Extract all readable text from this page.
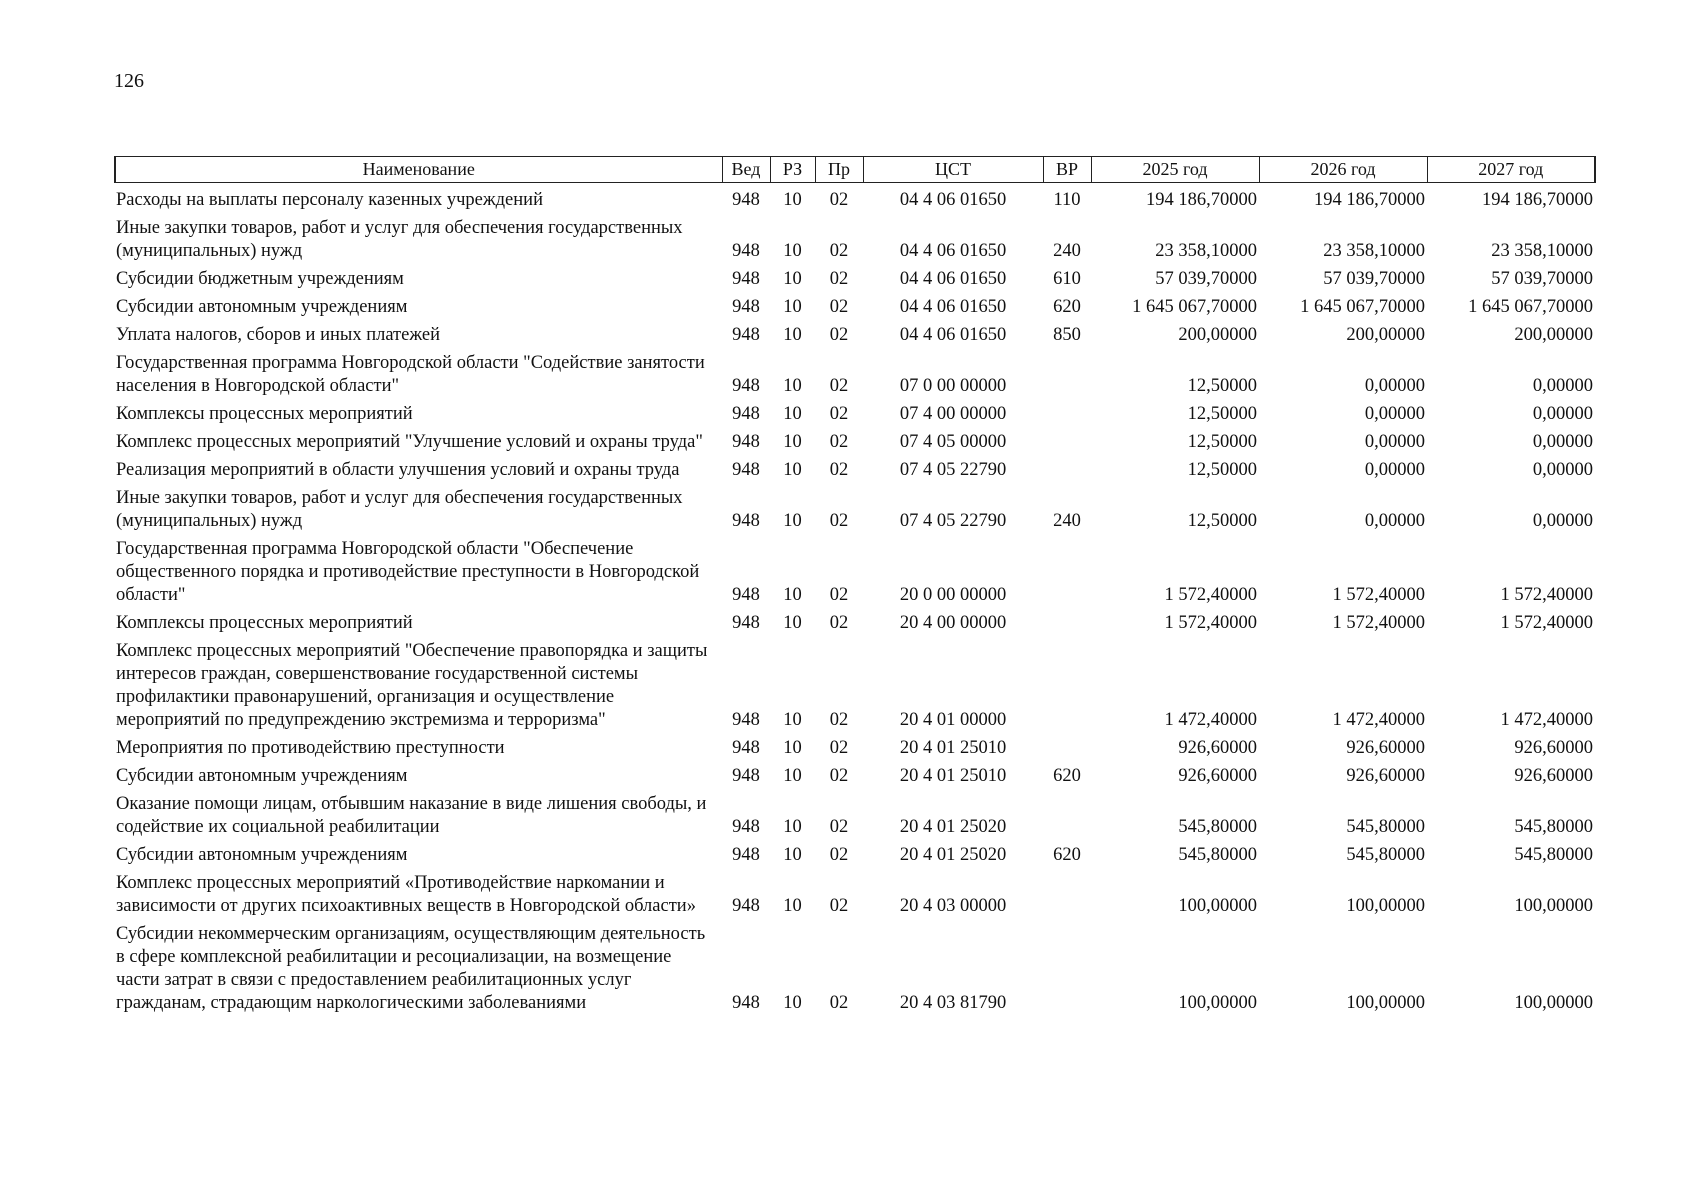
126
Наименование	Вед	РЗ	Пр	ЦСТ	ВР	2025 год	2026 год	2027 год
Расходы на выплаты персоналу казенных учреждений	948	10	02	04 4 06 01650	110	194 186,70000	194 186,70000	194 186,70000
Иные закупки товаров, работ и услуг для обеспечения государственных (муниципальных) нужд	948	10	02	04 4 06 01650	240	23 358,10000	23 358,10000	23 358,10000
Субсидии бюджетным учреждениям	948	10	02	04 4 06 01650	610	57 039,70000	57 039,70000	57 039,70000
Субсидии автономным учреждениям	948	10	02	04 4 06 01650	620	1 645 067,70000	1 645 067,70000	1 645 067,70000
Уплата налогов, сборов и иных платежей	948	10	02	04 4 06 01650	850	200,00000	200,00000	200,00000
Государственная программа Новгородской области "Содействие занятости населения в Новгородской области"	948	10	02	07 0 00 00000		12,50000	0,00000	0,00000
Комплексы процессных мероприятий	948	10	02	07 4 00 00000		12,50000	0,00000	0,00000
Комплекс процессных мероприятий "Улучшение условий и охраны труда"	948	10	02	07 4 05 00000		12,50000	0,00000	0,00000
Реализация мероприятий в области улучшения условий и охраны труда	948	10	02	07 4 05 22790		12,50000	0,00000	0,00000
Иные закупки товаров, работ и услуг для обеспечения государственных (муниципальных) нужд	948	10	02	07 4 05 22790	240	12,50000	0,00000	0,00000
Государственная программа Новгородской области "Обеспечение общественного порядка и противодействие преступности в Новгородской области"	948	10	02	20 0 00 00000		1 572,40000	1 572,40000	1 572,40000
Комплексы процессных мероприятий	948	10	02	20 4 00 00000		1 572,40000	1 572,40000	1 572,40000
Комплекс процессных мероприятий "Обеспечение правопорядка и защиты интересов граждан, совершенствование государственной системы профилактики правонарушений, организация и осуществление мероприятий по предупреждению экстремизма и терроризма"	948	10	02	20 4 01 00000		1 472,40000	1 472,40000	1 472,40000
Мероприятия по противодействию преступности	948	10	02	20 4 01 25010		926,60000	926,60000	926,60000
Субсидии автономным учреждениям	948	10	02	20 4 01 25010	620	926,60000	926,60000	926,60000
Оказание помощи лицам, отбывшим наказание в виде лишения свободы, и содействие их социальной реабилитации	948	10	02	20 4 01 25020		545,80000	545,80000	545,80000
Субсидии автономным учреждениям	948	10	02	20 4 01 25020	620	545,80000	545,80000	545,80000
Комплекс процессных мероприятий «Противодействие наркомании и зависимости от других психоактивных веществ в Новгородской области»	948	10	02	20 4 03 00000		100,00000	100,00000	100,00000
Субсидии некоммерческим организациям, осуществляющим деятельность в сфере комплексной реабилитации и ресоциализации, на возмещение части затрат в связи с предоставлением реабилитационных услуг гражданам, страдающим наркологическими заболеваниями	948	10	02	20 4 03 81790		100,00000	100,00000	100,00000
